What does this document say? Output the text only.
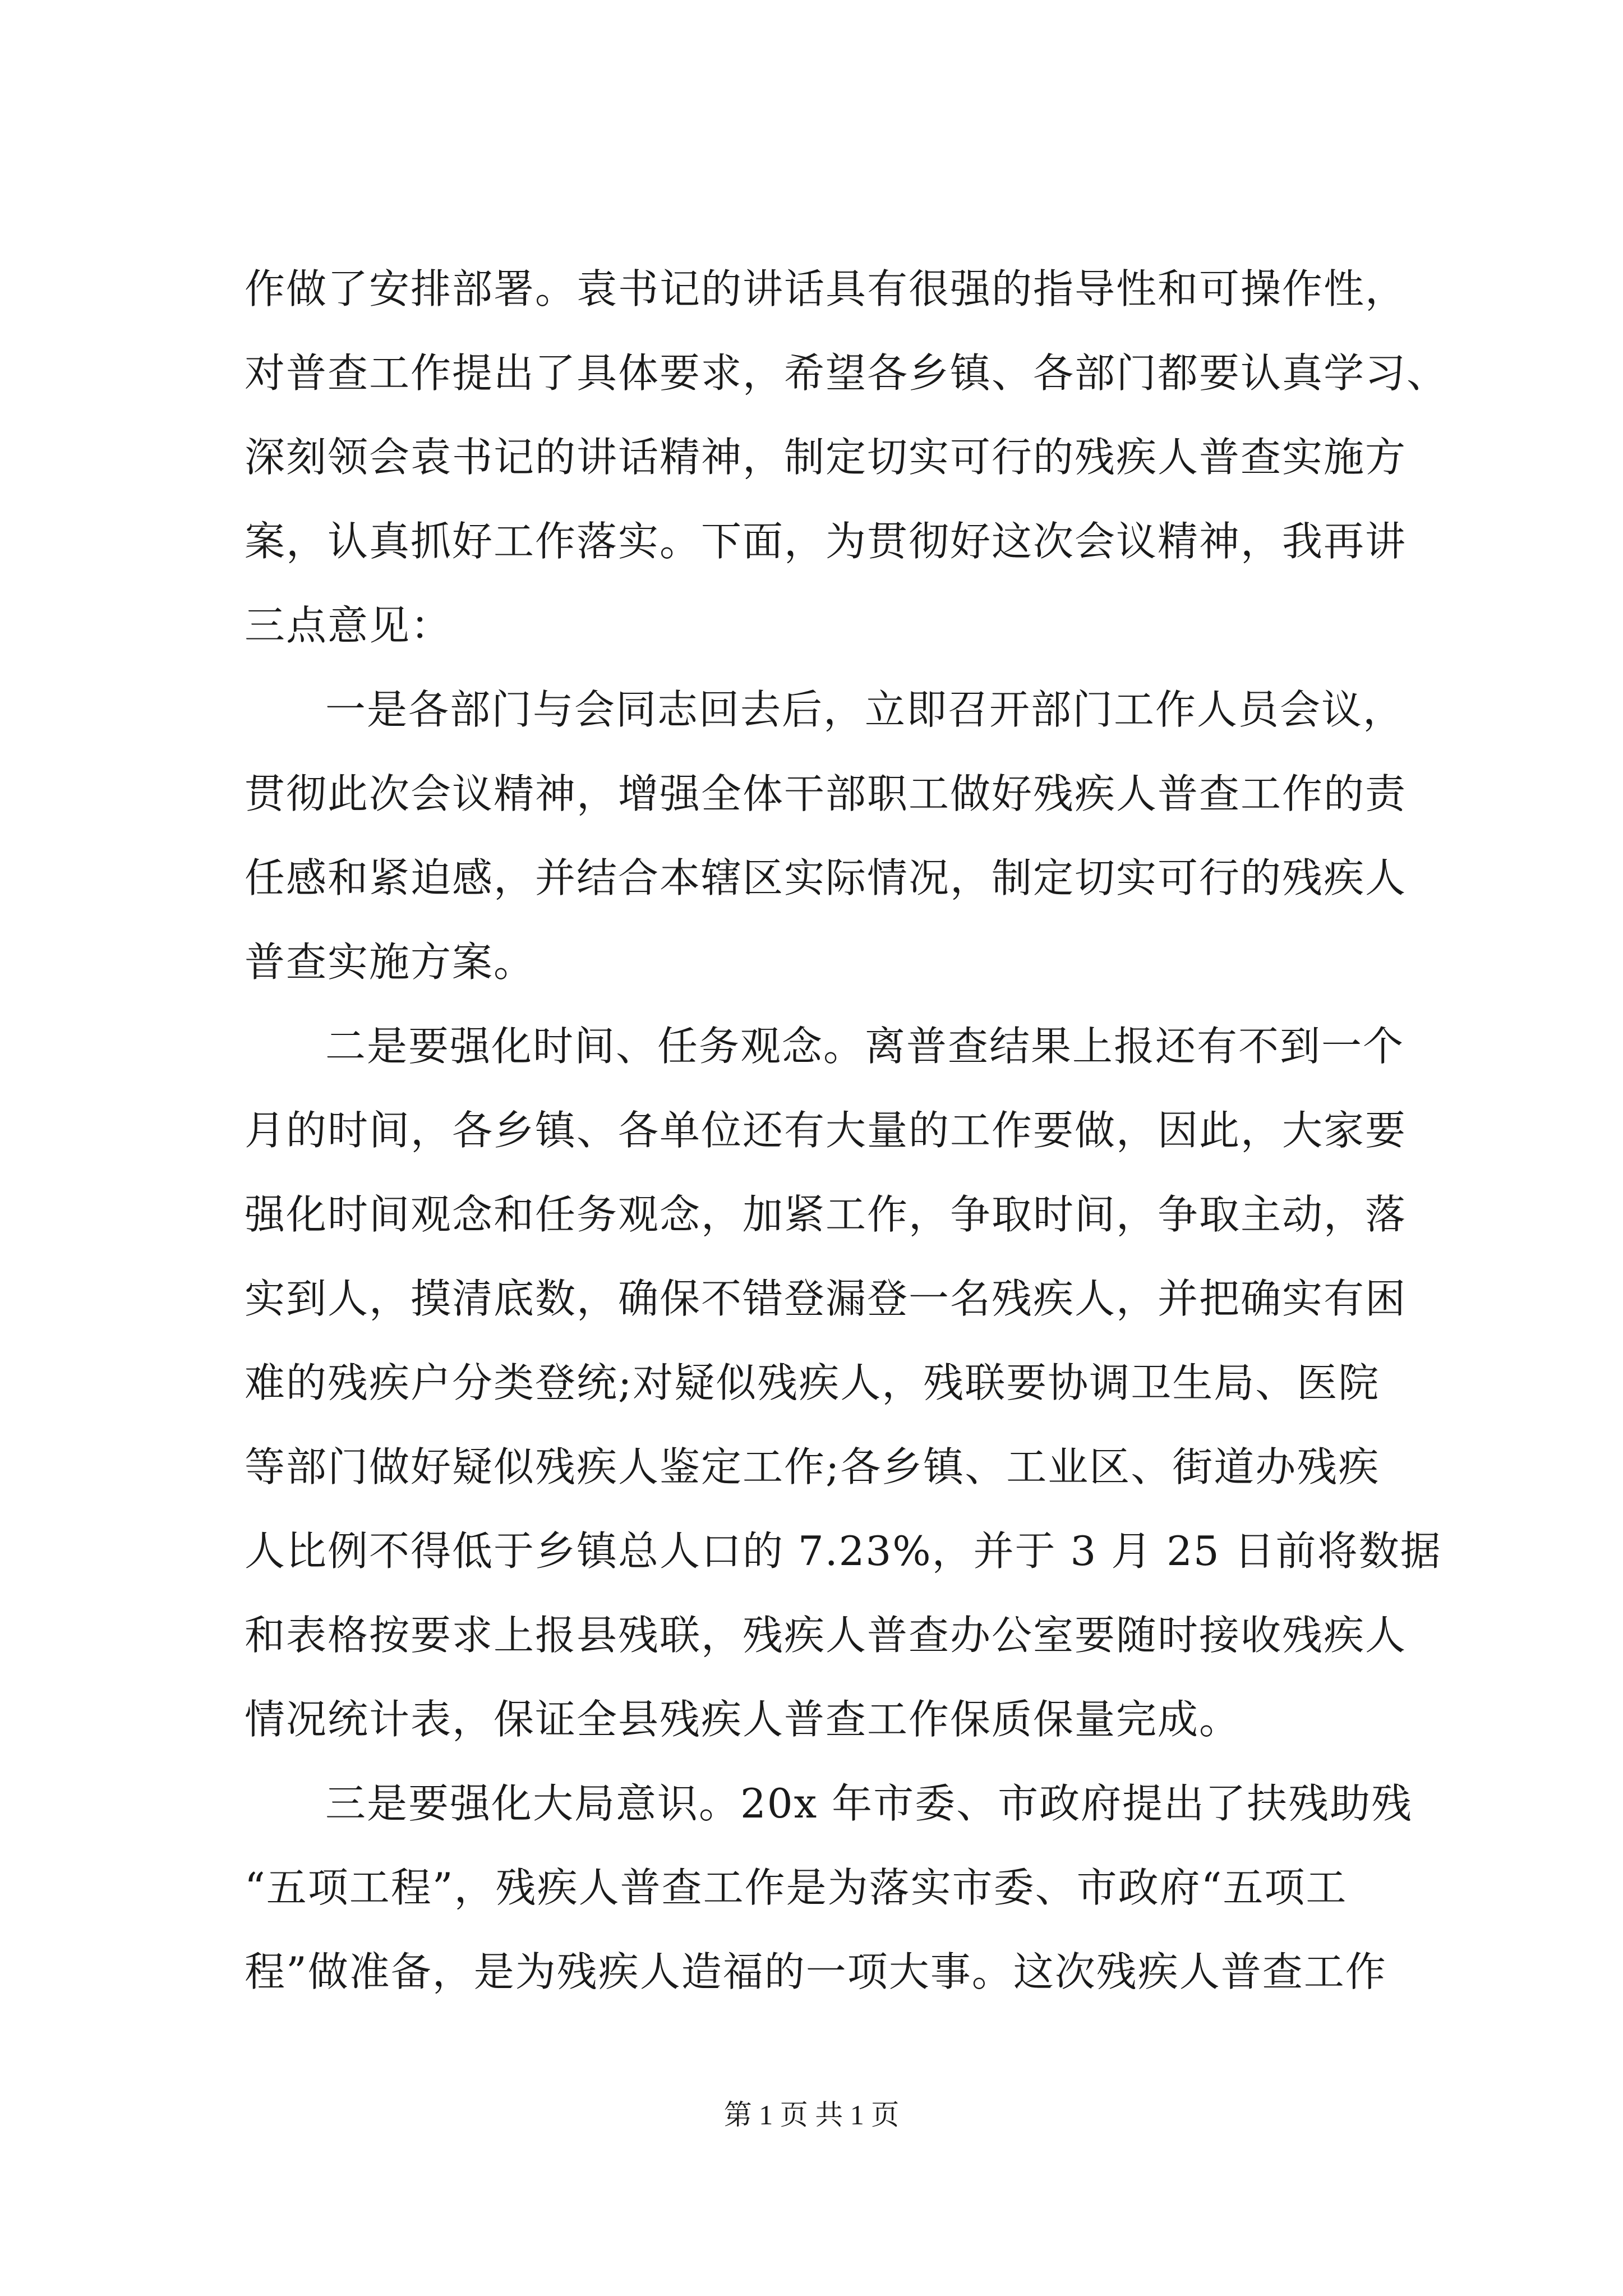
作做了安排部署。袁书记的讲话具有很强的指导性和可操作性，
对普查工作提出了具体要求，希望各乡镇、各部门都要认真学习、
深刻领会袁书记的讲话精神，制定切实可行的残疾人普查实施方
案，认真抓好工作落实。下面，为贯彻好这次会议精神，我再讲
三点意见：
一是各部门与会同志回去后，立即召开部门工作人员会议，
贯彻此次会议精神，增强全体干部职工做好残疾人普查工作的责
任感和紧迫感，并结合本辖区实际情况，制定切实可行的残疾人
普查实施方案。
二是要强化时间、任务观念。离普查结果上报还有不到一个
月的时间，各乡镇、各单位还有大量的工作要做，因此，大家要
强化时间观念和任务观念，加紧工作，争取时间，争取主动，落
实到人，摸清底数，确保不错登漏登一名残疾人，并把确实有困
难的残疾户分类登统;对疑似残疾人，残联要协调卫生局、医院
等部门做好疑似残疾人鉴定工作;各乡镇、工业区、街道办残疾
人比例不得低于乡镇总人口的 7.23%，并于 3 月 25 日前将数据
和表格按要求上报县残联，残疾人普查办公室要随时接收残疾人
情况统计表，保证全县残疾人普查工作保质保量完成。
三是要强化大局意识。20x 年市委、市政府提出了扶残助残
“五项工程”，残疾人普查工作是为落实市委、市政府“五项工
程”做准备，是为残疾人造福的一项大事。这次残疾人普查工作
第 1 页 共 1 页
